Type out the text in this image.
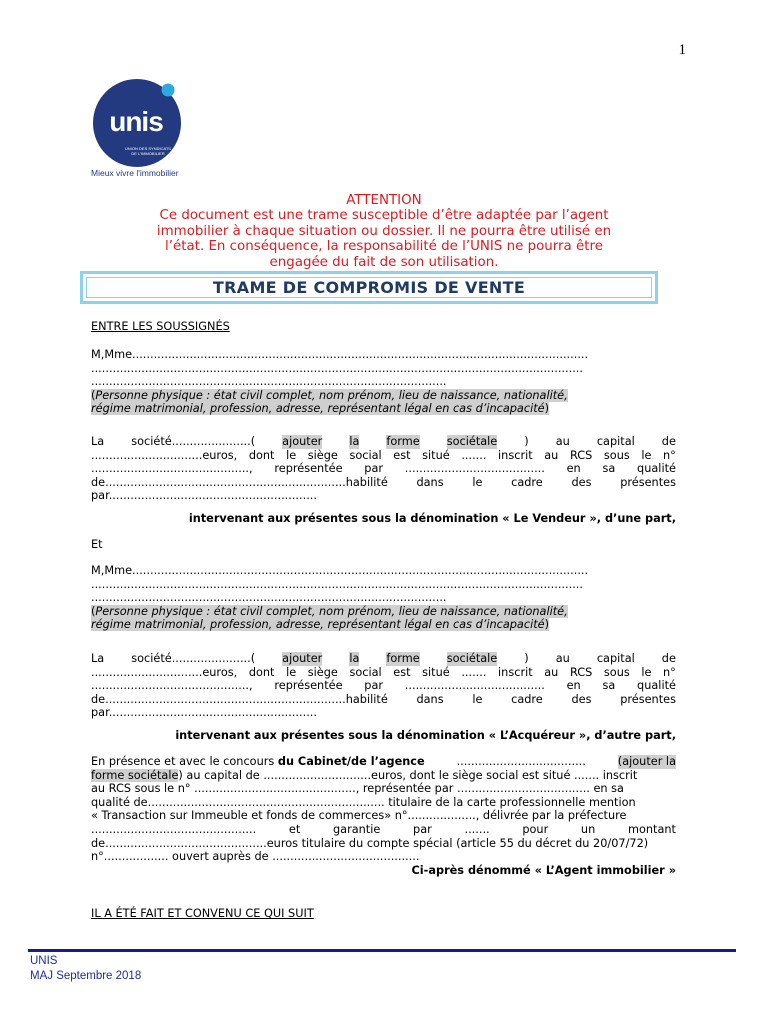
1
unis
UNION DES SYNDICATS
DE L'IMMOBILIER
Mieux vivre l'immobilier
ATTENTION
Ce document est une trame susceptible d’être adaptée par l’agent
immobilier à chaque situation ou dossier. Il ne pourra être utilisé en
l’état. En conséquence, la responsabilité de l’UNIS ne pourra être
engagée du fait de son utilisation.
TRAME DE COMPROMIS DE VENTE
ENTRE LES SOUSSIGNÉS
M,Mme...............................................................................................................................
.........................................................................................................................................
...................................................................................................
(Personne physique : état civil complet, nom prénom, lieu de naissance, nationalité,
régime matrimonial, profession, adresse, représentant légal en cas d’incapacité)
La société......................( ajouter la forme sociétale ) au capital de
...............................euros, dont le siège social est situé ....... inscrit au RCS sous le n°
............................................, représentée par ....................................... en sa qualité
de...................................................................habilité	dans	le	cadre	des	présentes
par..........................................................
intervenant aux présentes sous la dénomination « Le Vendeur », d’une part,
Et
M,Mme...............................................................................................................................
.........................................................................................................................................
...................................................................................................
(Personne physique : état civil complet, nom prénom, lieu de naissance, nationalité,
régime matrimonial, profession, adresse, représentant légal en cas d’incapacité)
La société......................( ajouter la forme sociétale ) au capital de
...............................euros, dont le siège social est situé ....... inscrit au RCS sous le n°
............................................, représentée par ....................................... en sa qualité
de...................................................................habilité	dans	le	cadre	des	présentes
par..........................................................
intervenant aux présentes sous la dénomination « L’Acquéreur », d’autre part,
En présence et avec le concours du Cabinet/de l’agence	....................................	(ajouter la
forme sociétale) au capital de ..............................euros, dont le siège social est situé ....... inscrit
au RCS sous le n° ............................................., représentée par ..................................... en sa
qualité de.................................................................. titulaire de la carte professionnelle mention
« Transaction sur Immeuble et fonds de commerces» n°..................., délivrée par la préfecture
..............................................	et	garantie	par	.......	pour	un	montant
de.............................................euros titulaire du compte spécial (article 55 du décret du 20/07/72)
n°.................. ouvert auprès de .........................................
Ci-après dénommé « L’Agent immobilier »
IL A ÉTÉ FAIT ET CONVENU CE QUI SUIT
UNIS
MAJ Septembre 2018
